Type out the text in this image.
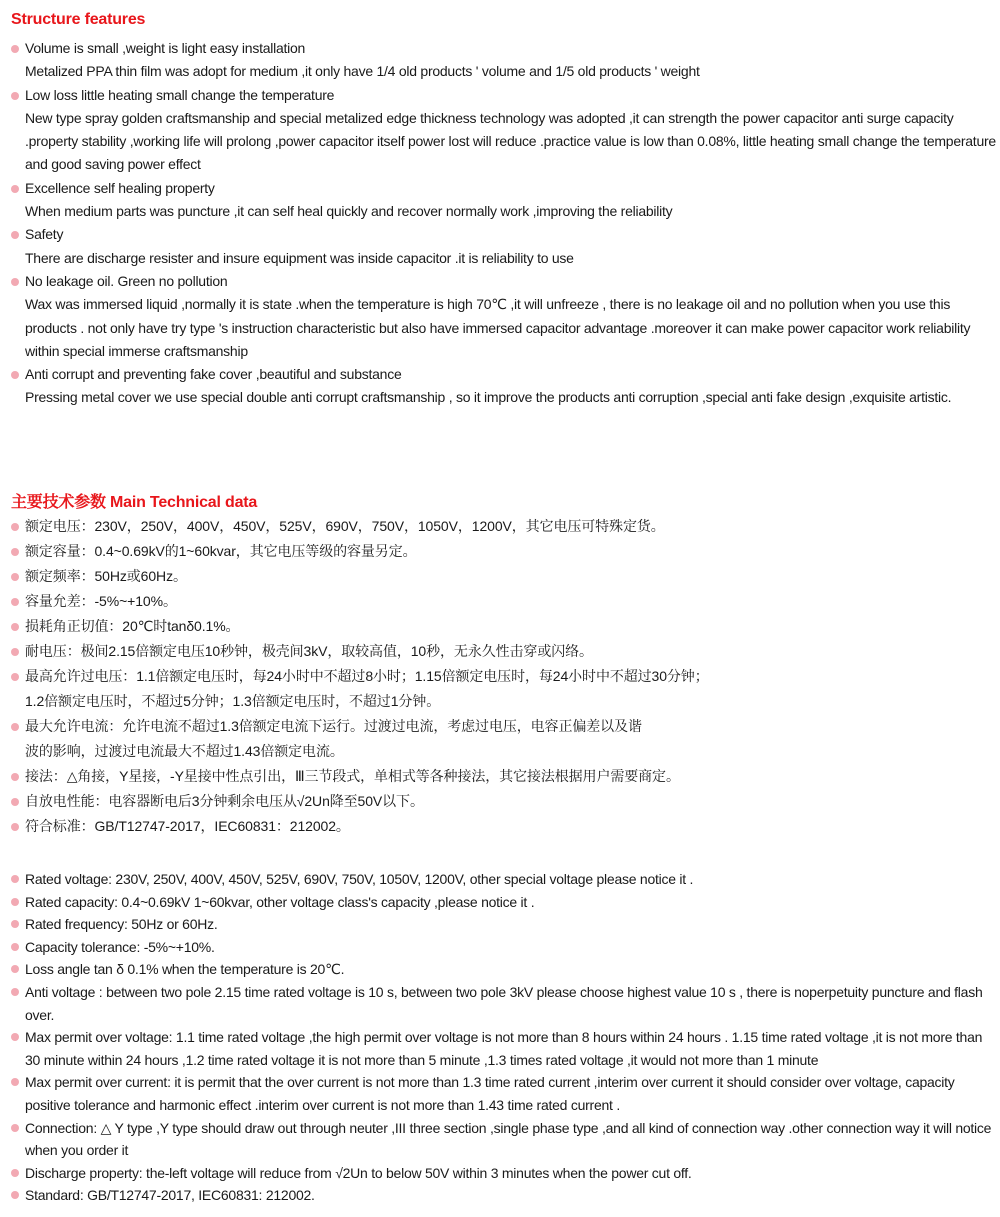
Structure features

Volume is small ,weight is light easy installation

Metalized PPA thin film was adopt for medium ,it only have 1/4 old products ' volume and 1/5 old products ' weight

Low loss little heating small change the temperature

New type spray golden craftsmanship and special metalized edge thickness technology was adopted ,it can strength the power capacitor anti surge capacity .property stability ,working life will prolong ,power capacitor itself power lost will reduce .practice value is low than 0.08%, little heating small change the temperature and good saving power effect

Excellence self healing property

When medium parts was puncture ,it can self heal quickly and recover normally work ,improving the reliability

Safety

There are discharge resister and insure equipment was inside capacitor .it is reliability to use

No leakage oil. Green no pollution

Wax was immersed liquid ,normally it is state .when the temperature is high 70℃ ,it will unfreeze , there is no leakage oil and no pollution when you use this products . not only have try type 's instruction characteristic but also have immersed capacitor advantage .moreover it can make power capacitor work reliability within special immerse craftsmanship

Anti corrupt and preventing fake cover ,beautiful and substance

Pressing metal cover we use special double anti corrupt craftsmanship , so it improve the products anti corruption ,special anti fake design ,exquisite artistic.

主要技术参数 Main Technical data

额定电压：230V，250V，400V，450V，525V，690V，750V，1050V，1200V，其它电压可特殊定货。

额定容量：0.4~0.69kV的1~60kvar，其它电压等级的容量另定。

额定频率：50Hz或60Hz。

容量允差：-5%~+10%。

损耗角正切值：20℃时tanδ0.1%。

耐电压：极间2.15倍额定电压10秒钟，极壳间3kV，取较高值，10秒，无永久性击穿或闪络。

最高允许过电压：1.1倍额定电压时，每24小时中不超过8小时；1.15倍额定电压时，每24小时中不超过30分钟；
1.2倍额定电压时，不超过5分钟；1.3倍额定电压时，不超过1分钟。

最大允许电流：允许电流不超过1.3倍额定电流下运行。过渡过电流，考虑过电压，电容正偏差以及谐
波的影响，过渡过电流最大不超过1.43倍额定电流。

接法：△角接，Y星接，-Y星接中性点引出，Ⅲ三节段式，单相式等各种接法，其它接法根据用户需要商定。

自放电性能：电容器断电后3分钟剩余电压从√2Un降至50V以下。

符合标准：GB/T12747-2017，IEC60831：212002。

Rated voltage: 230V, 250V, 400V, 450V, 525V, 690V, 750V, 1050V, 1200V, other special voltage please notice it .

Rated capacity: 0.4~0.69kV 1~60kvar, other voltage class's capacity ,please notice it .

Rated frequency: 50Hz or 60Hz.

Capacity tolerance: -5%~+10%.

Loss angle tan δ 0.1% when the temperature is 20℃.

Anti voltage : between two pole 2.15 time rated voltage is 10 s, between two pole 3kV please choose highest value 10 s , there is noperpetuity puncture and flash over.

Max permit over voltage: 1.1 time rated voltage ,the high permit over voltage is not more than 8 hours within 24 hours . 1.15 time rated voltage ,it is not more than 30 minute within 24 hours ,1.2 time rated voltage it is not more than 5 minute ,1.3 times rated voltage ,it would not more than 1 minute

Max permit over current: it is permit that the over current is not more than 1.3 time rated current ,interim over current it should consider over voltage, capacity positive tolerance and harmonic effect .interim over current is not more than 1.43 time rated current .

Connection: △ Y type ,Y type should draw out through neuter ,III three section ,single phase type ,and all kind of connection way .other connection way it will notice when you order it

Discharge property: the-left voltage will reduce from √2Un to below 50V within 3 minutes when the power cut off.

Standard: GB/T12747-2017, IEC60831: 212002.
